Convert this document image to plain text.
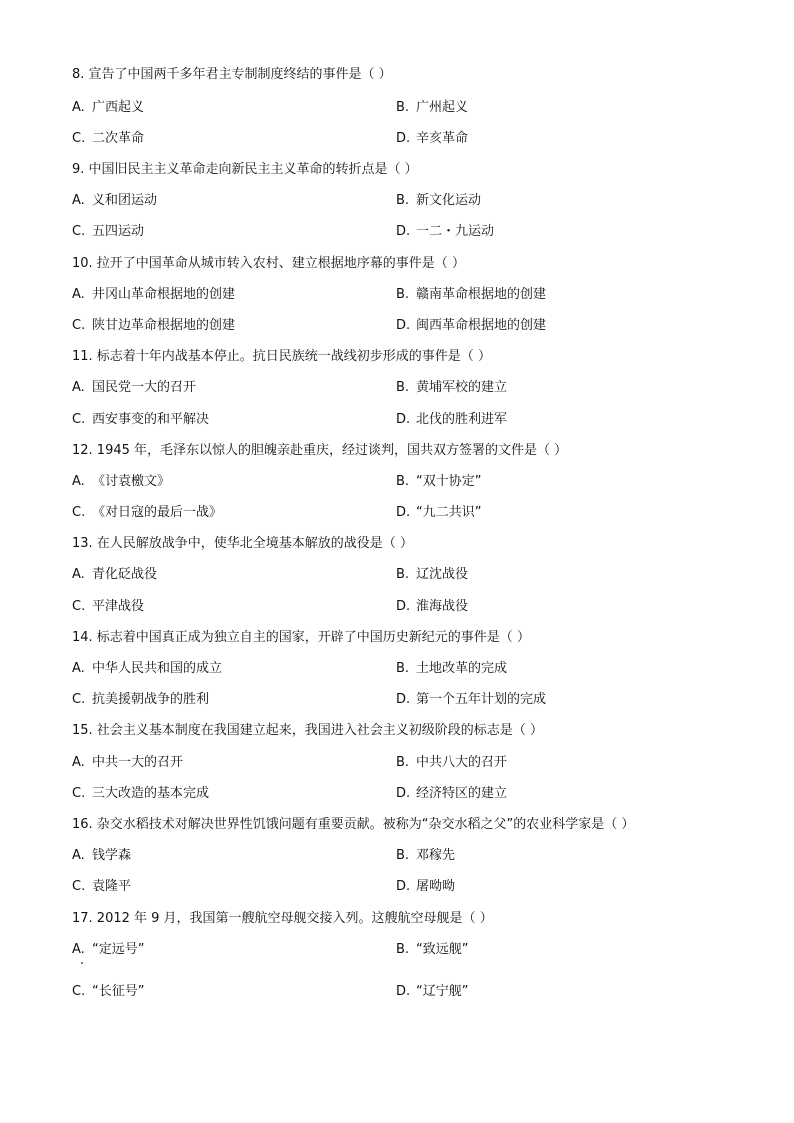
8. 宣告了中国两千多年君主专制制度终结的事件是（ ）
A. 广西起义	B. 广州起义
C. 二次革命	D. 辛亥革命
9. 中国旧民主主义革命走向新民主主义革命的转折点是（ ）
A. 义和团运动	B. 新文化运动
C. 五四运动	D. 一二・九运动
10. 拉开了中国革命从城市转入农村、建立根据地序幕的事件是（ ）
A. 井冈山革命根据地的创建	B. 赣南革命根据地的创建
C. 陕甘边革命根据地的创建	D. 闽西革命根据地的创建
11. 标志着十年内战基本停止。抗日民族统一战线初步形成的事件是（ ）
A. 国民党一大的召开	B. 黄埔军校的建立
C. 西安事变的和平解决	D. 北伐的胜利进军
12. 1945 年，毛泽东以惊人的胆魄亲赴重庆，经过谈判，国共双方签署的文件是（ ）
A. 《讨袁檄文》	B. “双十协定”
C. 《对日寇的最后一战》	D. “九二共识”
13. 在人民解放战争中，使华北全境基本解放的战役是（ ）
A. 青化砭战役	B. 辽沈战役
C. 平津战役	D. 淮海战役
14. 标志着中国真正成为独立自主的国家，开辟了中国历史新纪元的事件是（ ）
A. 中华人民共和国的成立	B. 土地改革的完成
C. 抗美援朝战争的胜利	D. 第一个五年计划的完成
15. 社会主义基本制度在我国建立起来，我国进入社会主义初级阶段的标志是（ ）
A. 中共一大的召开	B. 中共八大的召开
C. 三大改造的基本完成	D. 经济特区的建立
16. 杂交水稻技术对解决世界性饥饿问题有重要贡献。被称为“杂交水稻之父”的农业科学家是（ ）
A. 钱学森	B. 邓稼先
C. 袁隆平	D. 屠呦呦
17. 2012 年 9 月，我国第一艘航空母舰交接入列。这艘航空母舰是（ ）
A. “定远号”	B. “致远舰”
C. “长征号”	D. “辽宁舰”
